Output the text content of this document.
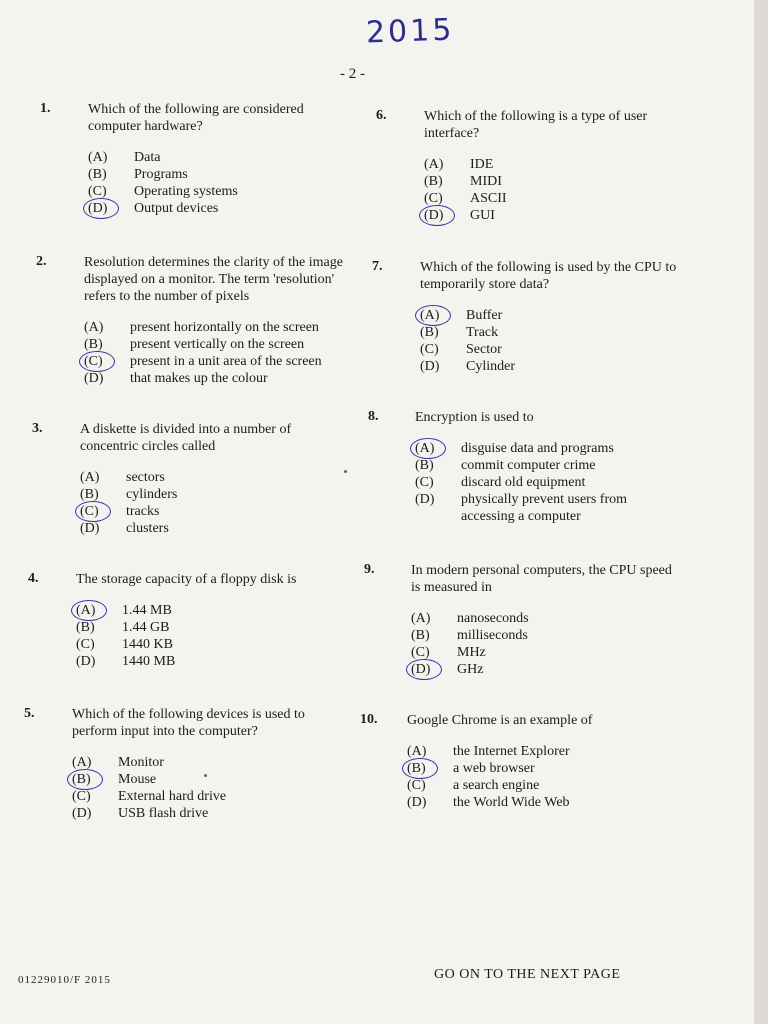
2015
- 2 -
1.	Which of the following are considered computer hardware?
(A)	Data
(B)	Programs
(C)	Operating systems
(D)	Output devices
2.	Resolution determines the clarity of the image displayed on a monitor. The term 'resolution' refers to the number of pixels
(A)	present horizontally on the screen
(B)	present vertically on the screen
(C)	present in a unit area of the screen
(D)	that makes up the colour
3.	A diskette is divided into a number of concentric circles called
(A)	sectors
(B)	cylinders
(C)	tracks
(D)	clusters
4.	The storage capacity of a floppy disk is
(A)	1.44 MB
(B)	1.44 GB
(C)	1440 KB
(D)	1440 MB
5.	Which of the following devices is used to perform input into the computer?
(A)	Monitor
(B)	Mouse
(C)	External hard drive
(D)	USB flash drive
6.	Which of the following is a type of user interface?
(A)	IDE
(B)	MIDI
(C)	ASCII
(D)	GUI
7.	Which of the following is used by the CPU to temporarily store data?
(A)	Buffer
(B)	Track
(C)	Sector
(D)	Cylinder
8.	Encryption is used to
(A)	disguise data and programs
(B)	commit computer crime
(C)	discard old equipment
(D)	physically prevent users from accessing a computer
9.	In modern personal computers, the CPU speed is measured in
(A)	nanoseconds
(B)	milliseconds
(C)	MHz
(D)	GHz
10. Google Chrome is an example of
(A)	the Internet Explorer
(B)	a web browser
(C)	a search engine
(D)	the World Wide Web
01229010/F 2015	GO ON TO THE NEXT PAGE
